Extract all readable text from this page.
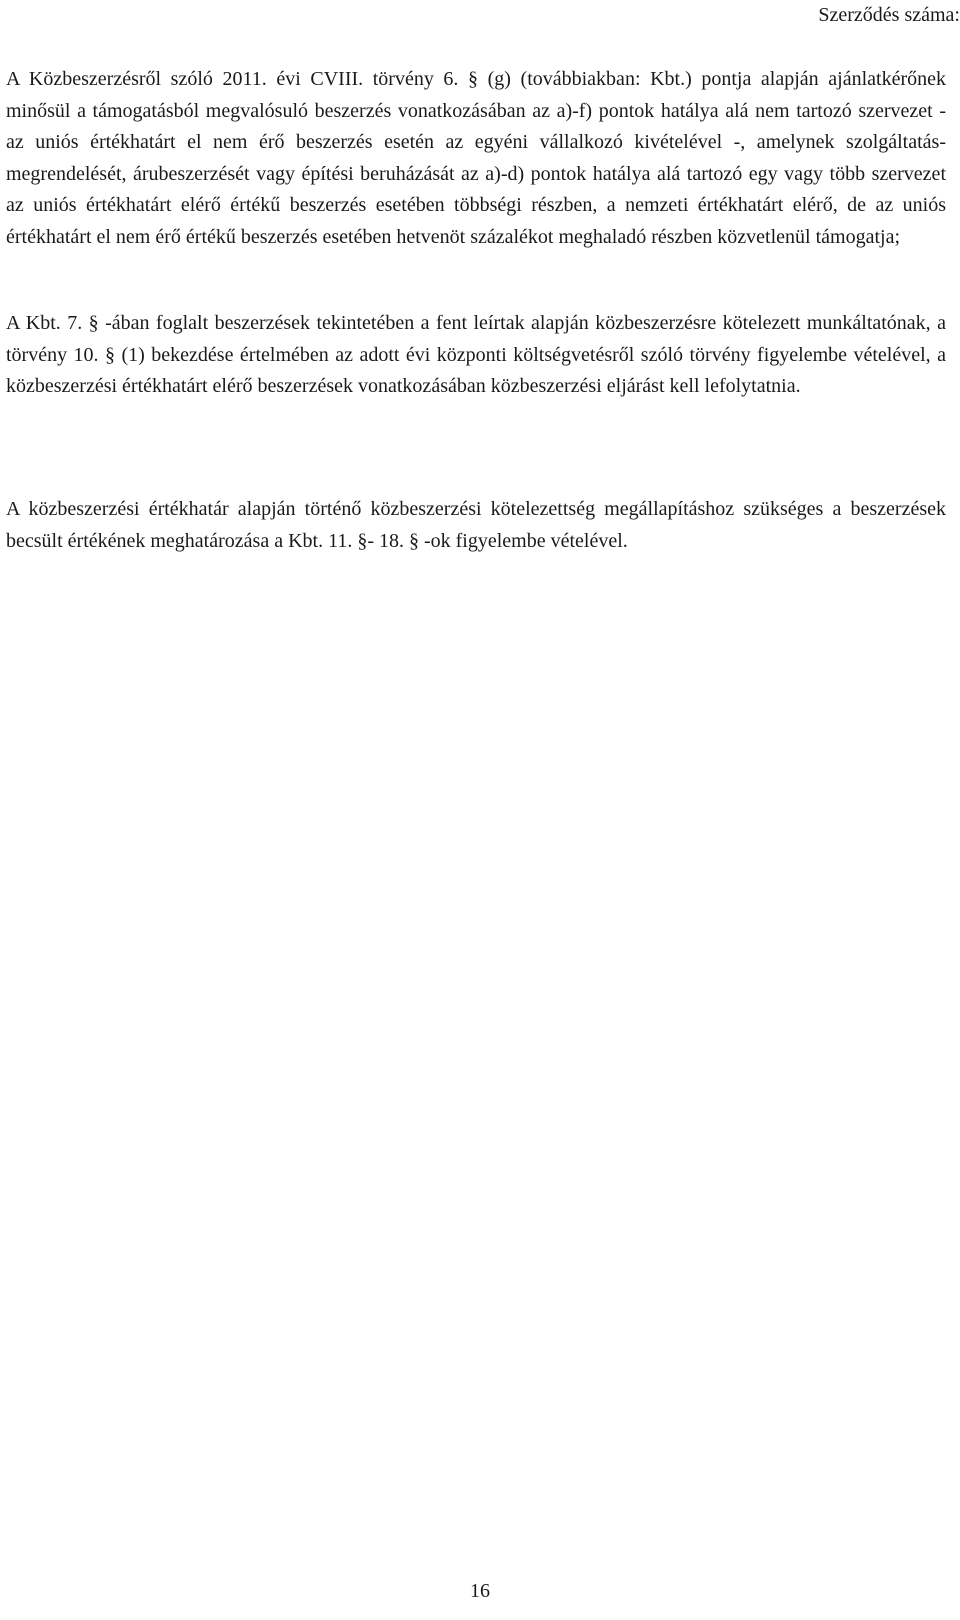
Szerződés száma:

A Közbeszerzésről szóló 2011. évi CVIII. törvény 6. § (g) (továbbiakban: Kbt.) pontja alapján ajánlatkérőnek minősül a támogatásból megvalósuló beszerzés vonatkozásában az a)-f) pontok hatálya alá nem tartozó szervezet - az uniós értékhatárt el nem érő beszerzés esetén az egyéni vállalkozó kivételével -, amelynek szolgáltatás-megrendelését, árubeszerzését vagy építési beruházását az a)-d) pontok hatálya alá tartozó egy vagy több szervezet az uniós értékhatárt elérő értékű beszerzés esetében többségi részben, a nemzeti értékhatárt elérő, de az uniós értékhatárt el nem érő értékű beszerzés esetében hetvenöt százalékot meghaladó részben közvetlenül támogatja;

A Kbt. 7. § -ában foglalt beszerzések tekintetében a fent leírtak alapján közbeszerzésre kötelezett munkáltatónak, a törvény 10. § (1) bekezdése értelmében az adott évi központi költségvetésről szóló törvény figyelembe vételével, a közbeszerzési értékhatárt elérő beszerzések vonatkozásában közbeszerzési eljárást kell lefolytatnia.

A közbeszerzési értékhatár alapján történő közbeszerzési kötelezettség megállapításhoz szükséges a beszerzések becsült értékének meghatározása a Kbt. 11. §- 18. § -ok figyelembe vételével.

16
